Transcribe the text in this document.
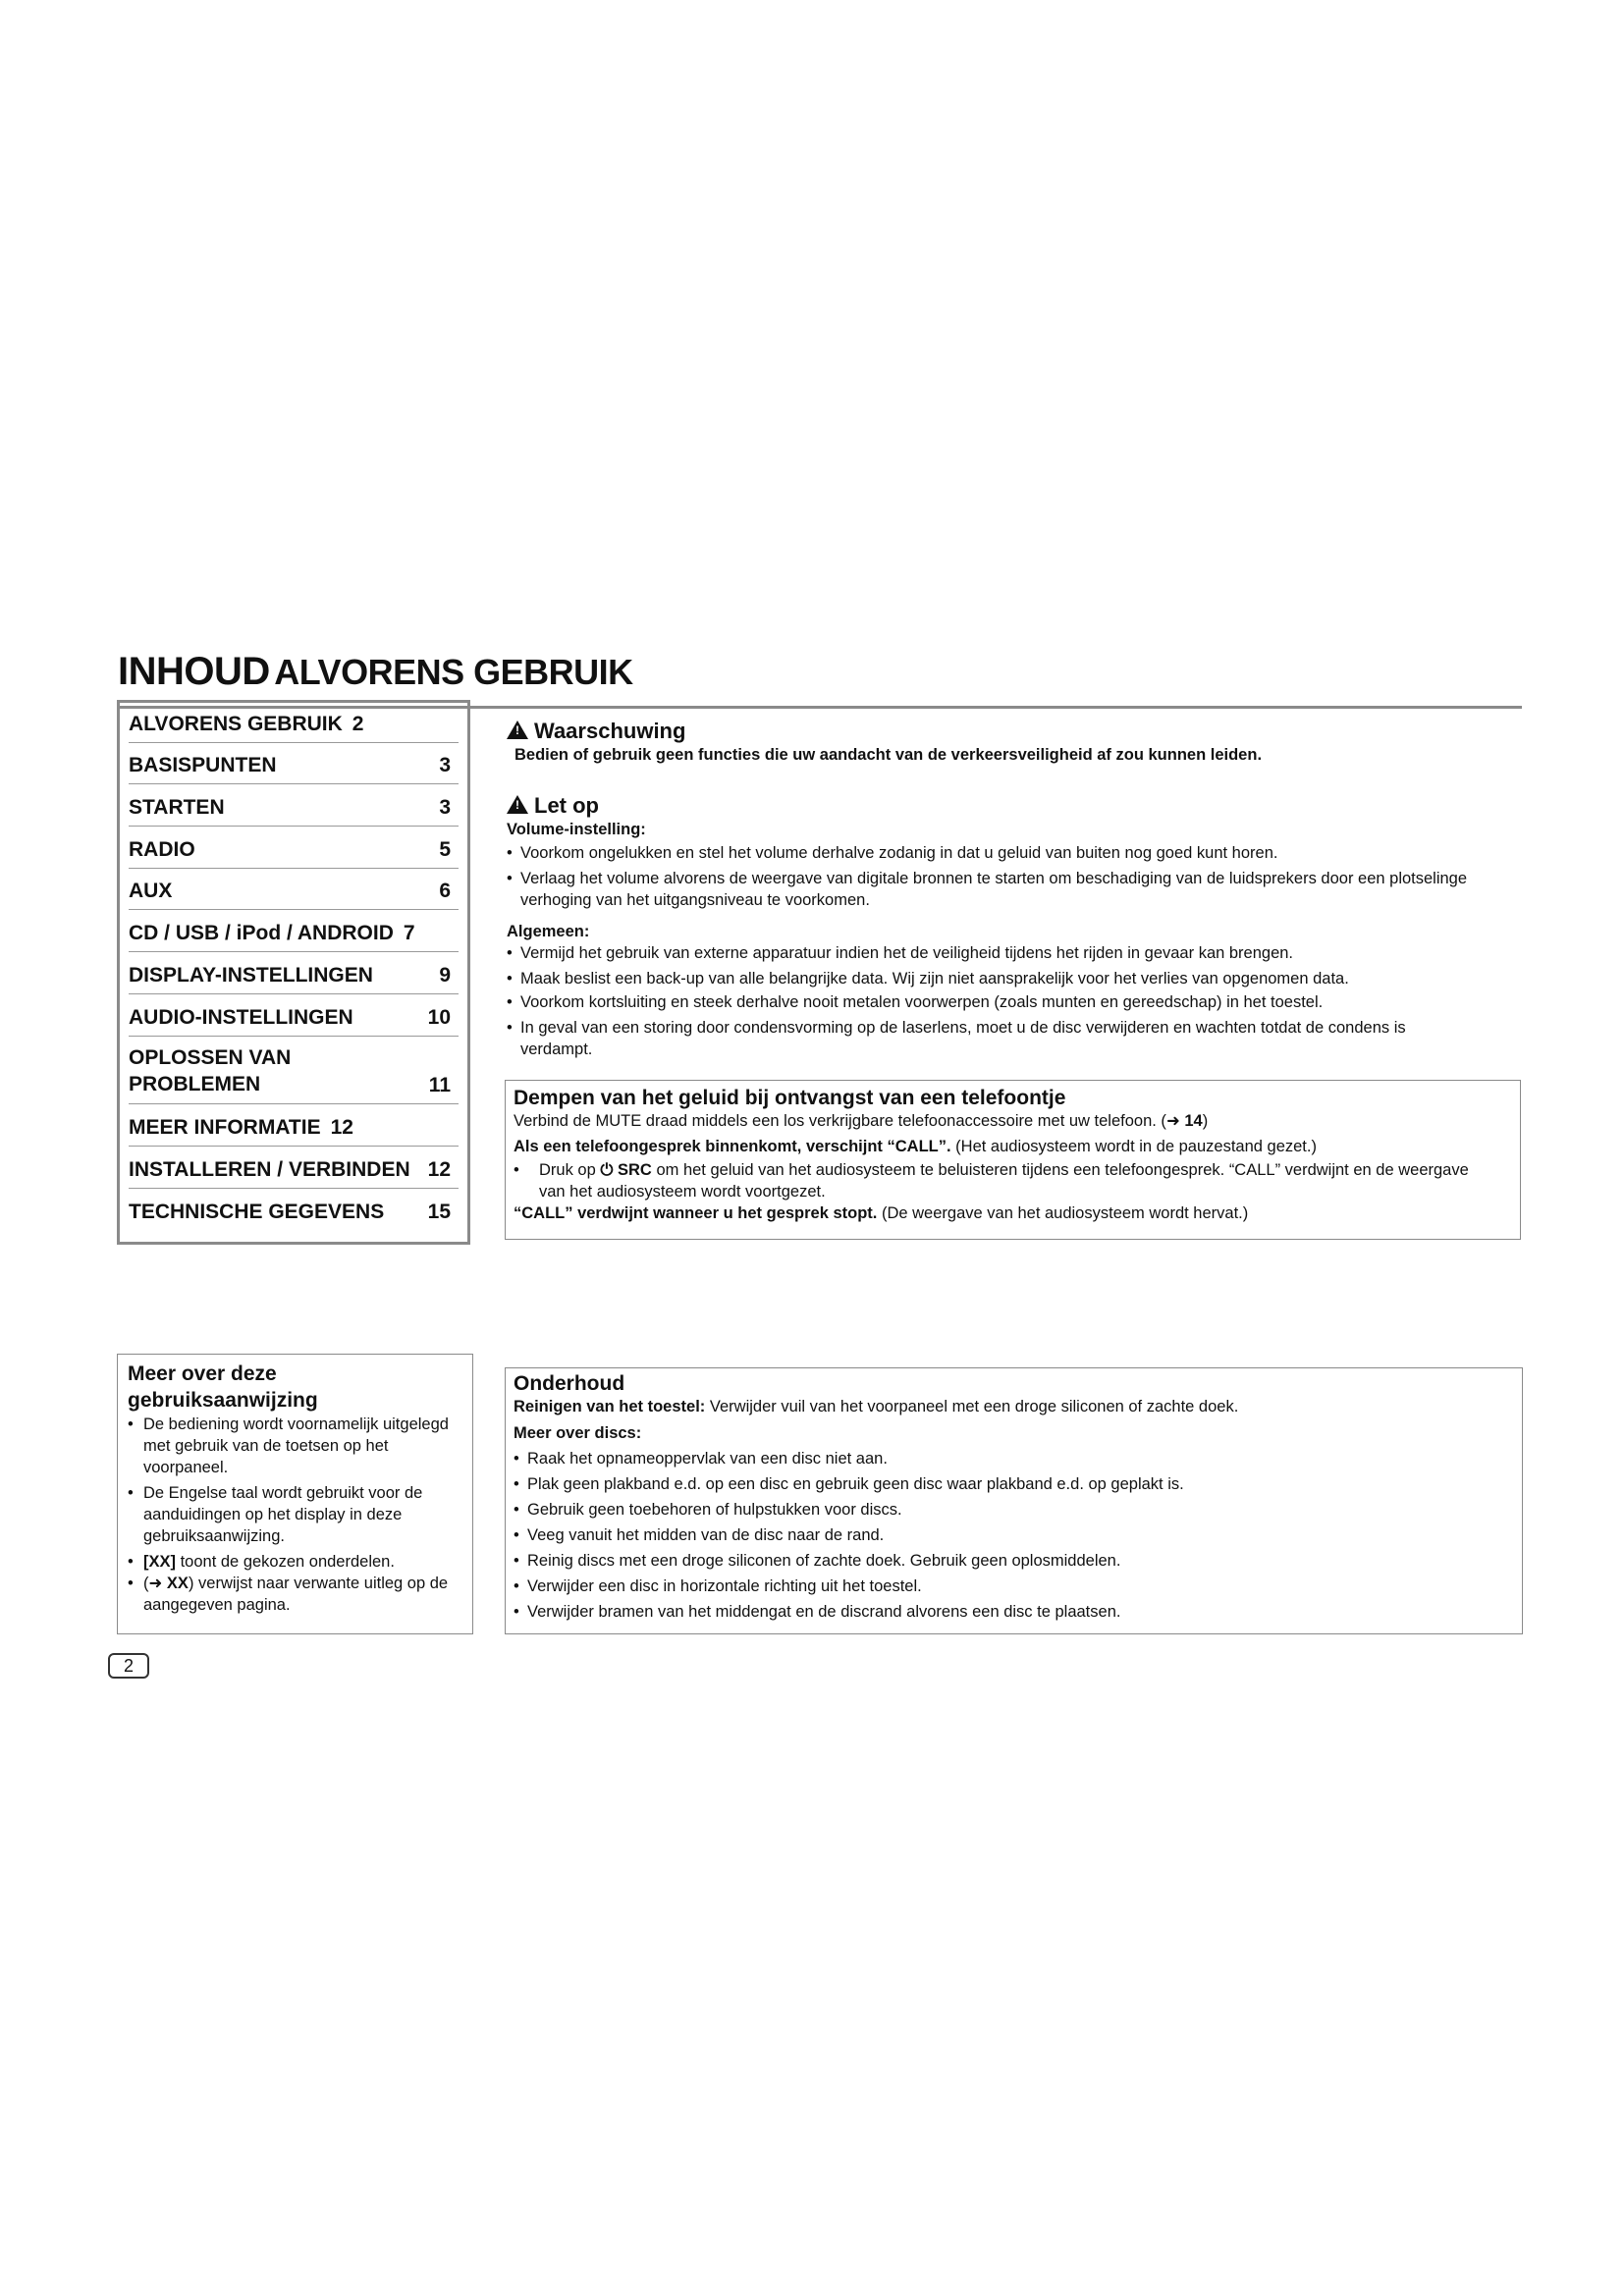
INHOUD ALVORENS GEBRUIK
ALVORENS GEBRUIK 2
BASISPUNTEN	3
STARTEN	3
RADIO	5
AUX	6
CD / USB / iPod / ANDROID 7
DISPLAY-INSTELLINGEN	9
AUDIO-INSTELLINGEN	10
OPLOSSEN VAN
PROBLEMEN	11
MEER INFORMATIE 12
INSTALLEREN / VERBINDEN 12
TECHNISCHE GEGEVENS 15
!Waarschuwing
Bedien of gebruik geen functies die uw aandacht van de verkeersveiligheid af zou kunnen leiden.
!Let op
Volume-instelling:
• Voorkom ongelukken en stel het volume derhalve zodanig in dat u geluid van buiten nog goed kunt horen.
• Verlaag het volume alvorens de weergave van digitale bronnen te starten om beschadiging van de luidsprekers door een plotselinge verhoging van het uitgangsniveau te voorkomen.
Algemeen:
• Vermijd het gebruik van externe apparatuur indien het de veiligheid tijdens het rijden in gevaar kan brengen.
• Maak beslist een back-up van alle belangrijke data. Wij zijn niet aansprakelijk voor het verlies van opgenomen data.
• Voorkom kortsluiting en steek derhalve nooit metalen voorwerpen (zoals munten en gereedschap) in het toestel.
• In geval van een storing door condensvorming op de laserlens, moet u de disc verwijderen en wachten totdat de condens is verdampt.
Dempen van het geluid bij ontvangst van een telefoontje
Verbind de MUTE draad middels een los verkrijgbare telefoonaccessoire met uw telefoon. (➜ 14)
Als een telefoongesprek binnenkomt, verschijnt “CALL”. (Het audiosysteem wordt in de pauzestand gezet.)
• Druk op ⏻ SRC om het geluid van het audiosysteem te beluisteren tijdens een telefoongesprek. “CALL” verdwijnt en de weergave van het audiosysteem wordt voortgezet.
“CALL” verdwijnt wanneer u het gesprek stopt. (De weergave van het audiosysteem wordt hervat.)
Meer over deze gebruiksaanwijzing
• De bediening wordt voornamelijk uitgelegd met gebruik van de toetsen op het voorpaneel.
• De Engelse taal wordt gebruikt voor de aanduidingen op het display in deze gebruiksaanwijzing.
• [XX] toont de gekozen onderdelen.
• (➜ XX) verwijst naar verwante uitleg op de aangegeven pagina.
Onderhoud
Reinigen van het toestel: Verwijder vuil van het voorpaneel met een droge siliconen of zachte doek.
Meer over discs:
• Raak het opnameoppervlak van een disc niet aan.
• Plak geen plakband e.d. op een disc en gebruik geen disc waar plakband e.d. op geplakt is.
• Gebruik geen toebehoren of hulpstukken voor discs.
• Veeg vanuit het midden van de disc naar de rand.
• Reinig discs met een droge siliconen of zachte doek. Gebruik geen oplosmiddelen.
• Verwijder een disc in horizontale richting uit het toestel.
• Verwijder bramen van het middengat en de discrand alvorens een disc te plaatsen.
2
